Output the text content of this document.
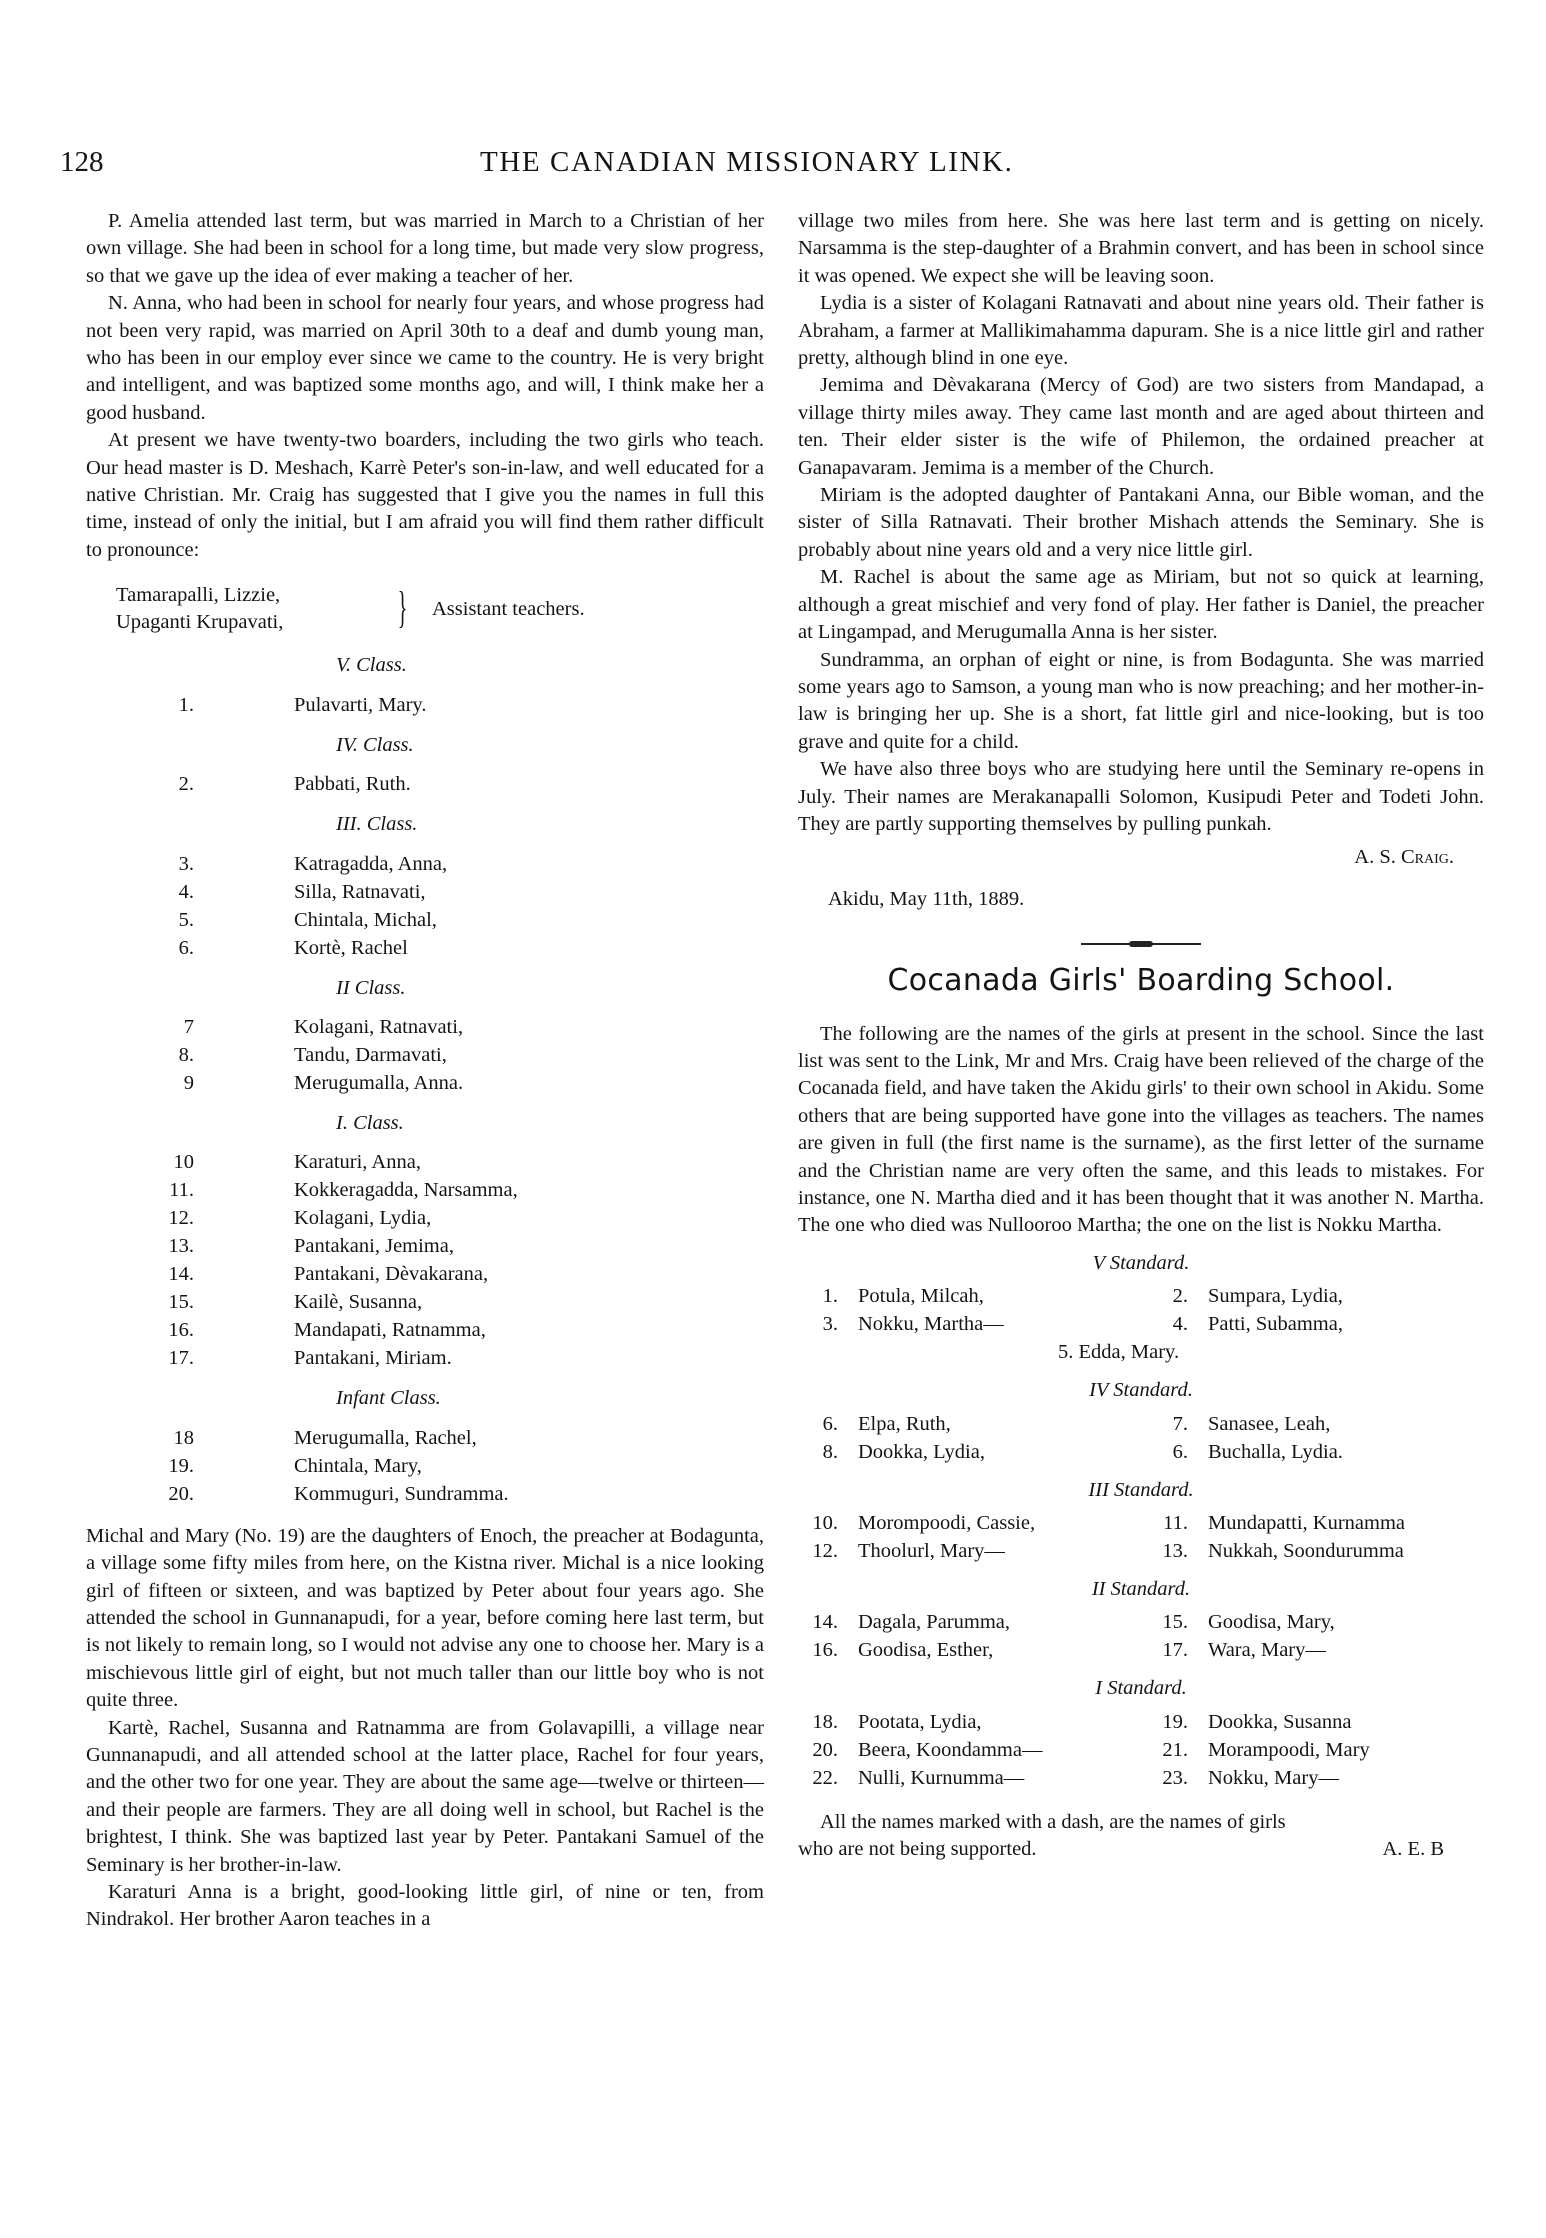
128	THE CANADIAN MISSIONARY LINK.

P. Amelia attended last term, but was married in March to a Christian of her own village. She had been in school for a long time, but made very slow progress, so that we gave up the idea of ever making a teacher of her.

N. Anna, who had been in school for nearly four years, and whose progress had not been very rapid, was married on April 30th to a deaf and dumb young man, who has been in our employ ever since we came to the country. He is very bright and intelligent, and was baptized some months ago, and will, I think make her a good husband.

At present we have twenty-two boarders, including the two girls who teach. Our head master is D. Meshach, Karrè Peter's son-in-law, and well educated for a native Christian. Mr. Craig has suggested that I give you the names in full this time, instead of only the initial, but I am afraid you will find them rather difficult to pronounce:

Tamarapalli, Lizzie,
Upaganti Krupavati,	} Assistant teachers.
V. Class.
1.	Pulavarti, Mary.
IV. Class.
2.	Pabbati, Ruth.
III. Class.
3.	Katragadda, Anna,
4.	Silla, Ratnavati,
5.	Chintala, Michal,
6.	Kortè, Rachel
II Class.
7	Kolagani, Ratnavati,
8.	Tandu, Darmavati,
9	Merugumalla, Anna.
I. Class.
10	Karaturi, Anna,
11.	Kokkeragadda, Narsamma,
12.	Kolagani, Lydia,
13.	Pantakani, Jemima,
14.	Pantakani, Dèvakarana,
15.	Kailè, Susanna,
16.	Mandapati, Ratnamma,
17.	Pantakani, Miriam.
Infant Class.
18	Merugumalla, Rachel,
19.	Chintala, Mary,
20.	Kommuguri, Sundramma.

Michal and Mary (No. 19) are the daughters of Enoch, the preacher at Bodagunta, a village some fifty miles from here, on the Kistna river. Michal is a nice looking girl of fifteen or sixteen, and was baptized by Peter about four years ago. She attended the school in Gunnanapudi, for a year, before coming here last term, but is not likely to remain long, so I would not advise any one to choose her. Mary is a mischievous little girl of eight, but not much taller than our little boy who is not quite three.

Kartè, Rachel, Susanna and Ratnamma are from Golavapilli, a village near Gunnanapudi, and all attended school at the latter place, Rachel for four years, and the other two for one year. They are about the same age—twelve or thirteen—and their people are farmers. They are all doing well in school, but Rachel is the brightest, I think. She was baptized last year by Peter. Pantakani Samuel of the Seminary is her brother-in-law.

Karaturi Anna is a bright, good-looking little girl, of nine or ten, from Nindrakol. Her brother Aaron teaches in a

village two miles from here. She was here last term and is getting on nicely. Narsamma is the step-daughter of a Brahmin convert, and has been in school since it was opened. We expect she will be leaving soon.

Lydia is a sister of Kolagani Ratnavati and about nine years old. Their father is Abraham, a farmer at Mallikimahamma dapuram. She is a nice little girl and rather pretty, although blind in one eye.

Jemima and Dèvakarana (Mercy of God) are two sisters from Mandapad, a village thirty miles away. They came last month and are aged about thirteen and ten. Their elder sister is the wife of Philemon, the ordained preacher at Ganapavaram. Jemima is a member of the Church.

Miriam is the adopted daughter of Pantakani Anna, our Bible woman, and the sister of Silla Ratnavati. Their brother Mishach attends the Seminary. She is probably about nine years old and a very nice little girl.

M. Rachel is about the same age as Miriam, but not so quick at learning, although a great mischief and very fond of play. Her father is Daniel, the preacher at Lingampad, and Merugumalla Anna is her sister.

Sundramma, an orphan of eight or nine, is from Bodagunta. She was married some years ago to Samson, a young man who is now preaching; and her mother-in-law is bringing her up. She is a short, fat little girl and nice-looking, but is too grave and quite for a child.

We have also three boys who are studying here until the Seminary re-opens in July. Their names are Merakanapalli Solomon, Kusipudi Peter and Todeti John. They are partly supporting themselves by pulling punkah.

A. S. Craig.
Akidu, May 11th, 1889.
Cocanada Girls' Boarding School.

The following are the names of the girls at present in the school. Since the last list was sent to the Link, Mr and Mrs. Craig have been relieved of the charge of the Cocanada field, and have taken the Akidu girls' to their own school in Akidu. Some others that are being supported have gone into the villages as teachers. The names are given in full (the first name is the surname), as the first letter of the surname and the Christian name are very often the same, and this leads to mistakes. For instance, one N. Martha died and it has been thought that it was another N. Martha. The one who died was Nullooroo Martha; the one on the list is Nokku Martha.

V Standard.
1. Potula, Milcah,	2. Sumpara, Lydia,
3. Nokku, Martha—	4. Patti, Subamma,
5. Edda, Mary.
IV Standard.
6. Elpa, Ruth,	7. Sanasee, Leah,
8. Dookka, Lydia,	6. Buchalla, Lydia.
III Standard.
10. Morompoodi, Cassie,	11. Mundapatti, Kurnamma
12. Thoolurl, Mary—	13. Nukkah, Soondurumma
II Standard.
14. Dagala, Parumma,	15. Goodisa, Mary,
16. Goodisa, Esther,	17. Wara, Mary—
I Standard.
18. Pootata, Lydia,	19. Dookka, Susanna
20. Beera, Koondamma—	21. Morampoodi, Mary
22. Nulli, Kurnumma—	23. Nokku, Mary—

All the names marked with a dash, are the names of girls

who are not being supported.	A. E. B
